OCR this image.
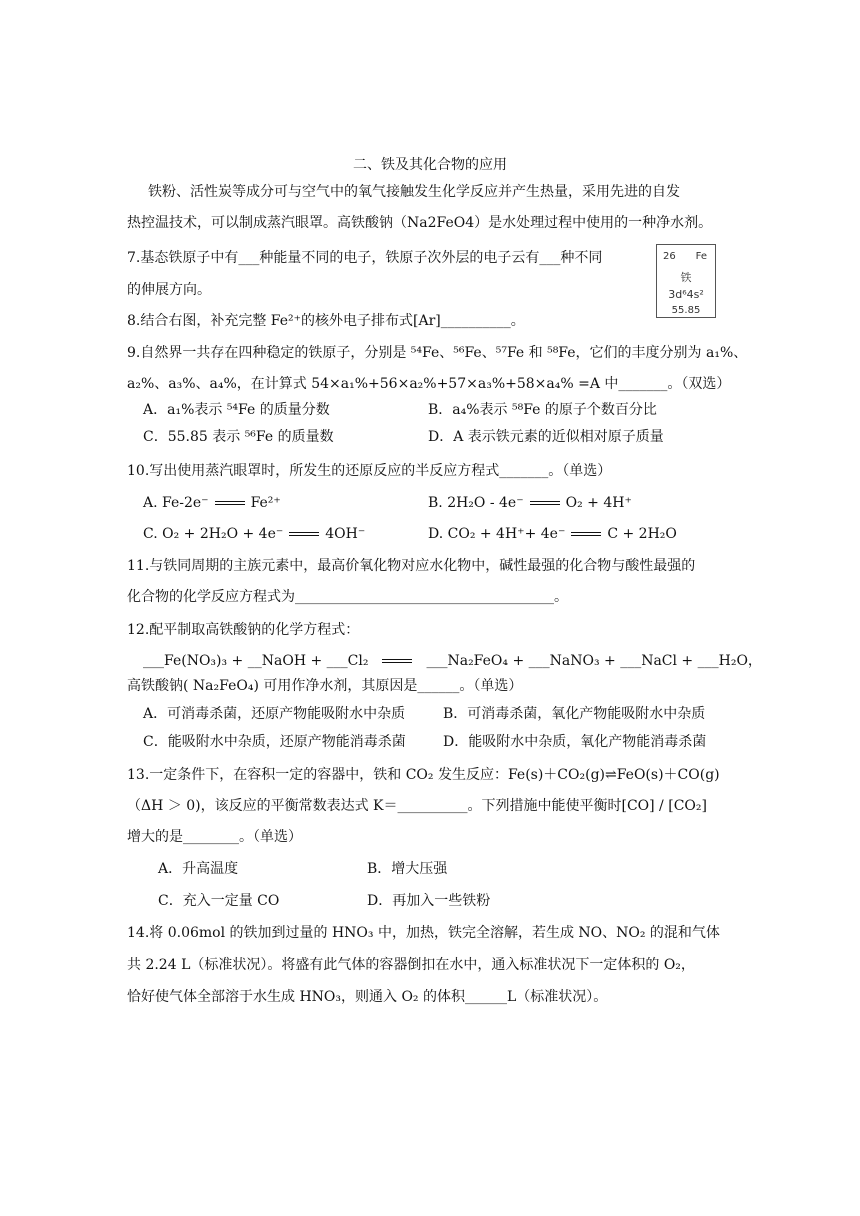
二、铁及其化合物的应用
铁粉、活性炭等成分可与空气中的氧气接触发生化学反应并产生热量，采用先进的自发
热控温技术，可以制成蒸汽眼罩。高铁酸钠（Na2FeO4）是水处理过程中使用的一种净水剂。
26 Fe
铁
3d⁶4s²
55.85
7.基态铁原子中有___种能量不同的电子，铁原子次外层的电子云有___种不同
的伸展方向。
8.结合右图，补充完整 Fe²⁺的核外电子排布式[Ar]__________。
9.自然界一共存在四种稳定的铁原子，分别是 ⁵⁴Fe、⁵⁶Fe、⁵⁷Fe 和 ⁵⁸Fe，它们的丰度分别为 a₁%、
a₂%、a₃%、a₄%，在计算式 54×a₁%+56×a₂%+57×a₃%+58×a₄% =A 中_______。（双选）
A．a₁%表示 ⁵⁴Fe 的质量分数	B．a₄%表示 ⁵⁸Fe 的原子个数百分比
C．55.85 表示 ⁵⁶Fe 的质量数	D．A 表示铁元素的近似相对原子质量
10.写出使用蒸汽眼罩时，所发生的还原反应的半反应方程式_______。（单选）
A. Fe-2e⁻	Fe²⁺	B. 2H₂O - 4e⁻	O₂ + 4H⁺
C. O₂ + 2H₂O + 4e⁻	4OH⁻	D. CO₂ + 4H⁺+ 4e⁻	C + 2H₂O
11.与铁同周期的主族元素中，最高价氧化物对应水化物中，碱性最强的化合物与酸性最强的
化合物的化学反应方程式为_____________________________________。
12.配平制取高铁酸钠的化学方程式：
___Fe(NO₃)₃ + __NaOH + ___Cl₂	___Na₂FeO₄ + ___NaNO₃ + ___NaCl + ___H₂O，
高铁酸钠( Na₂FeO₄) 可用作净水剂，其原因是______。（单选）
A．可消毒杀菌，还原产物能吸附水中杂质	B．可消毒杀菌，氧化产物能吸附水中杂质
C．能吸附水中杂质，还原产物能消毒杀菌	D．能吸附水中杂质，氧化产物能消毒杀菌
13.一定条件下，在容积一定的容器中，铁和 CO₂ 发生反应：Fe(s)＋CO₂(g)⇌FeO(s)＋CO(g)
（ΔH ＞ 0)，该反应的平衡常数表达式 K＝__________。下列措施中能使平衡时[CO] / [CO₂]
增大的是________。（单选）
A．升高温度	B．增大压强
C．充入一定量 CO	D．再加入一些铁粉
14.将 0.06mol 的铁加到过量的 HNO₃ 中，加热，铁完全溶解，若生成 NO、NO₂ 的混和气体
共 2.24 L（标准状况）。将盛有此气体的容器倒扣在水中，通入标准状况下一定体积的 O₂，
恰好使气体全部溶于水生成 HNO₃，则通入 O₂ 的体积______L（标准状况）。
